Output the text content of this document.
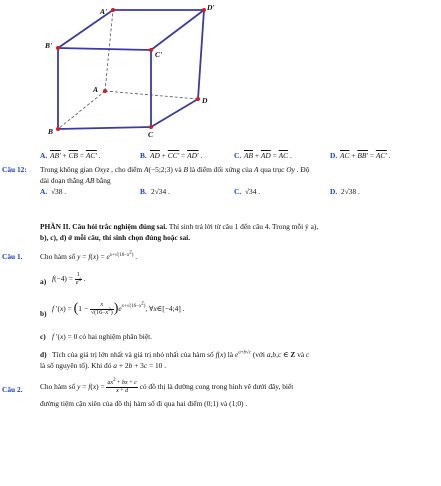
A'	D'
B'
C'
A
D
B	C
A. $AB' + \overline{CB} = AC'$ .	B. $\overline{AD} + CC' = AD'$ .	C. $\overline{AB} + \overline{AD} = \overline{AC}$ .	D. $\overline{AC} + BB' = AC'$ .
Câu 12: Trong không gian Oxyz , cho điểm A(−5;2;3) và B là điểm đối xứng của A qua trục Oy . Độ
dài đoạn thẳng AB bằng
A. √38 .	B. 2√34 .	C. √34 .	D. 2√38 .
PHẦN II. Câu hỏi trắc nghiệm đúng sai. Thí sinh trả lời từ câu 1 đến câu 4. Trong mỗi ý a),
b), c), d) ở mỗi câu, thí sinh chọn đúng hoặc sai.
Câu 1. Cho hàm số $y = f(x) = e^{x+√(16-x^2)}$ .
a) $f(-4) = \frac{1}{e^4}$ .
b)
f $'(x) = (1 - \frac{x}{√(16-x^2)} )e^{x+√(16-x^2)}$, ∀x∈[−4;4] .
c) f ′(x) = 0 có hai nghiệm phân biệt.
d) Tích của giá trị lớn nhất và giá trị nhỏ nhất của hàm số f(x) là $e^{a+b√c}$ (với a,b,c ∈ Z và c
là số nguyên tố). Khi đó a + 2b + 3c = 10 .
Câu 2. Cho hàm số $y = f(x) = \frac{ax^2 + bx + c}{x + d}$ có đồ thị là đường cong trong hình vẽ dưới đây, biết
đường tiệm cận xiên của đồ thị hàm số đi qua hai điểm (0;1) và (1;0) .
